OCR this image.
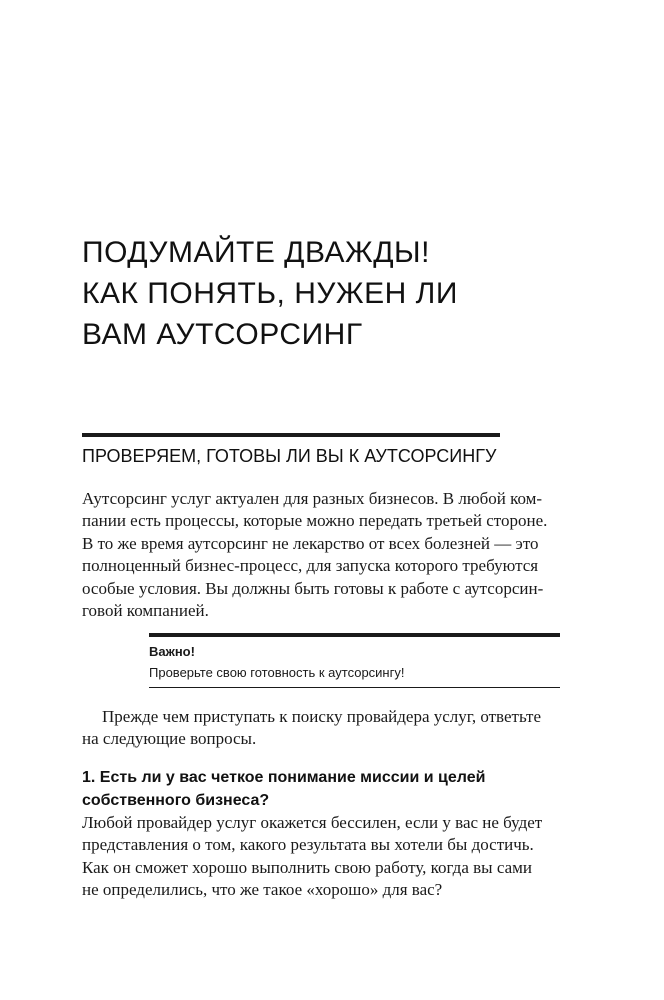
ПОДУМАЙТЕ ДВАЖДЫ!
КАК ПОНЯТЬ, НУЖЕН ЛИ
ВАМ АУТСОРСИНГ
ПРОВЕРЯЕМ, ГОТОВЫ ЛИ ВЫ К АУТСОРСИНГУ

Аутсорсинг услуг актуален для разных бизнесов. В любой ком-
пании есть процессы, которые можно передать третьей стороне.
В то же время аутсорсинг не лекарство от всех болезней — это
полноценный бизнес-процесс, для запуска которого требуются
особые условия. Вы должны быть готовы к работе с аутсорсин-
говой компанией.

Важно!

Проверьте свою готовность к аутсорсингу!

Прежде чем приступать к поиску провайдера услуг, ответьте
на следующие вопросы.

1. Есть ли у вас четкое понимание миссии и целей
собственного бизнеса?

Любой провайдер услуг окажется бессилен, если у вас не будет
представления о том, какого результата вы хотели бы достичь.
Как он сможет хорошо выполнить свою работу, когда вы сами
не определились, что же такое «хорошо» для вас?
